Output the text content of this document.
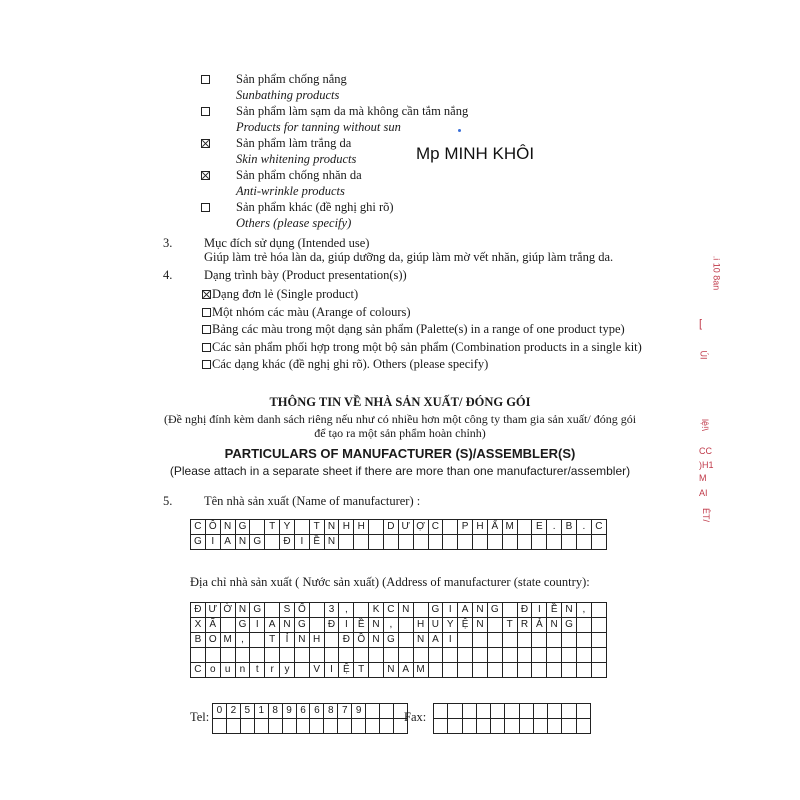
Mp MINH KHÔI
Sản phẩm chống nắng
Sunbathing products
Sản phẩm làm sạm da mà không cần tắm nắng
Products for tanning without sun
Sản phẩm làm trắng da
Skin whitening products
Sản phẩm chống nhăn da
Anti-wrinkle products
Sản phẩm khác (đề nghị ghi rõ)
Others (please specify)
3.	Mục đích sử dụng (Intended use)
Giúp làm trẻ hóa làn da, giúp dưỡng da, giúp làm mờ vết nhăn, giúp làm trắng da.
4.	Dạng trình bày (Product presentation(s))
Dạng đơn lẻ (Single product)
Một nhóm các màu (Arange of colours)
Bảng các màu trong một dạng sản phẩm (Palette(s) in a range of one product type)
Các sản phẩm phối hợp trong một bộ sản phẩm (Combination products in a single kit)
Các dạng khác (đề nghị ghi rõ). Others (please specify)
THÔNG TIN VỀ NHÀ SẢN XUẤT/ ĐÓNG GÓI
(Đề nghị đính kèm danh sách riêng nếu như có nhiều hơn một công ty tham gia sản xuất/ đóng gói
để tạo ra một sản phẩm hoàn chỉnh)
PARTICULARS OF MANUFACTURER (S)/ASSEMBLER(S)
(Please attach in a separate sheet if there are more than one manufacturer/assembler)
5.	Tên nhà sản xuất (Name of manufacturer) :
C	Ô	N	G		T	Y		T	N	H	H		D	Ư	Ợ	C		P	H	Ẩ	M		E	.	B	.	C
G	I	A	N	G		Đ	I	Ề	N																		
Địa chỉ nhà sản xuất ( Nước sản xuất) (Address of manufacturer (state country):
Đ	Ư	Ờ	N	G		S	Ố		3	,		K	C	N		G	I	A	N	G		Đ	I	Ề	N	,	
X	Ã		G	I	A	N	G		Đ	I	Ề	N	,		H	U	Y	Ệ	N		T	R	Ả	N	G		
B	O	M	,		T	Ỉ	N	H		Đ	Ồ	N	G		N	A	I										

C	o	u	n	t	r	y		V	I	Ệ	T		N	A	M												
Tel: 0	2	5	1	8	9	6	6	8	7	9			
														Fax:

.i 10 8an
[
ÚI
lệ!\
CC
)H1
M
AI
ÈT/
